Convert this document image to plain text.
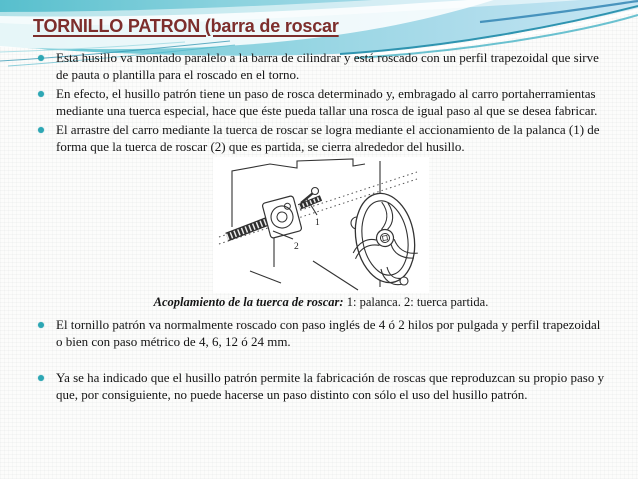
TORNILLO PATRON (barra de roscar
Esta husillo va montado paralelo a la barra de cilindrar y está roscado con un perfil trapezoidal que sirve de pauta o plantilla para el roscado en el torno.
En efecto, el husillo patrón tiene un paso de rosca determinado y, embragado al carro portaherramientas mediante una tuerca especial, hace que éste pueda tallar una rosca de igual paso al que se desea fabricar.
El arrastre del carro mediante la tuerca de roscar se logra mediante el accionamiento de la palanca (1) de forma que la tuerca de roscar (2) que es partida, se cierra alrededor del husillo.
1
2
Acoplamiento de la tuerca de roscar: 1: palanca. 2: tuerca partida.
El tornillo patrón va normalmente roscado con paso inglés de 4 ó 2 hilos por pulgada y perfil trapezoidal o bien con paso métrico de 4, 6, 12 ó 24 mm.
Ya se ha indicado que el husillo patrón permite la fabricación de roscas que reproduzcan su propio paso y que, por consiguiente, no puede hacerse un paso distinto con sólo el uso del husillo patrón.
